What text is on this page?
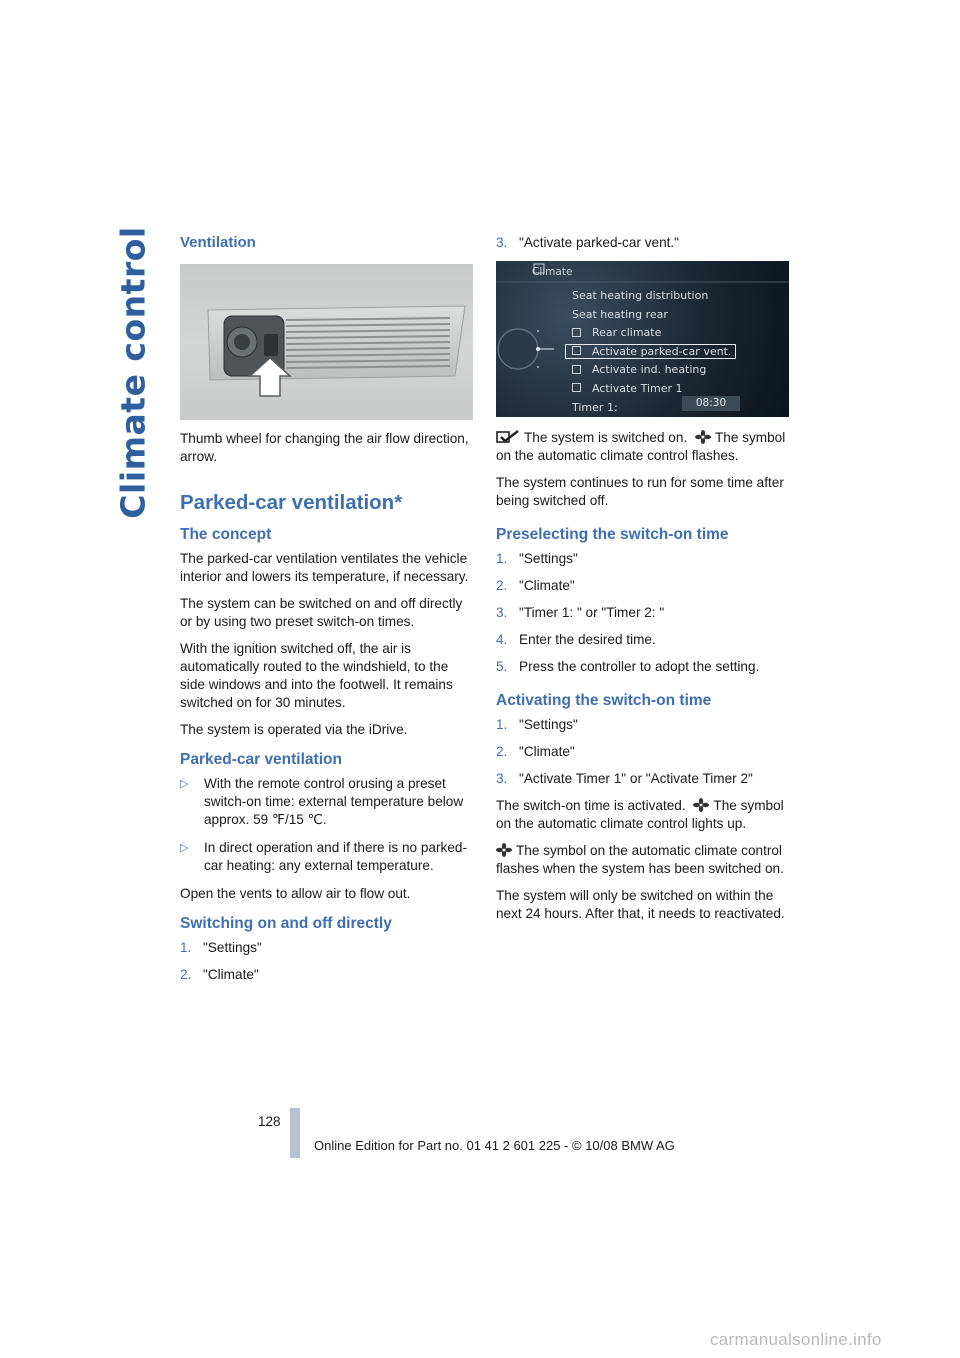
Climate control Ventilation

Thumb wheel for changing the air flow direction, arrow.

Parked-car ventilation*
The concept

The parked-car ventilation ventilates the vehicle interior and lowers its temperature, if necessary.

The system can be switched on and off directly or by using two preset switch-on times.

With the ignition switched off, the air is automatically routed to the windshield, to the side windows and into the footwell. It remains switched on for 30 minutes.

The system is operated via the iDrive.

Parked-car ventilation
▷	With the remote control orusing a preset switch-on time: external temperature below approx. 59 ℉/15 ℃.
▷	In direct operation and if there is no parked-car heating: any external temperature.

Open the vents to allow air to flow out.

Switching on and off directly
1. "Settings"
2. "Climate"
3. "Activate parked-car vent."
Climate
Seat heating distribution
Seat heating rear
Rear climate
Activate parked-car vent.
Activate ind. heating
Activate Timer 1
Timer 1:	08:30

The system is switched on. The symbol on the automatic climate control flashes.

The system continues to run for some time after being switched off.

Preselecting the switch-on time
1. "Settings"
2. "Climate"
3. "Timer 1: " or "Timer 2: "
4. Enter the desired time.
5. Press the controller to adopt the setting.
Activating the switch-on time
1. "Settings"
2. "Climate"
3. "Activate Timer 1" or "Activate Timer 2"

The switch-on time is activated. The symbol on the automatic climate control lights up.

The symbol on the automatic climate control flashes when the system has been switched on.

The system will only be switched on within the next 24 hours. After that, it needs to reactivated.

128
Online Edition for Part no. 01 41 2 601 225 - © 10/08 BMW AG
carmanualsonline.info
